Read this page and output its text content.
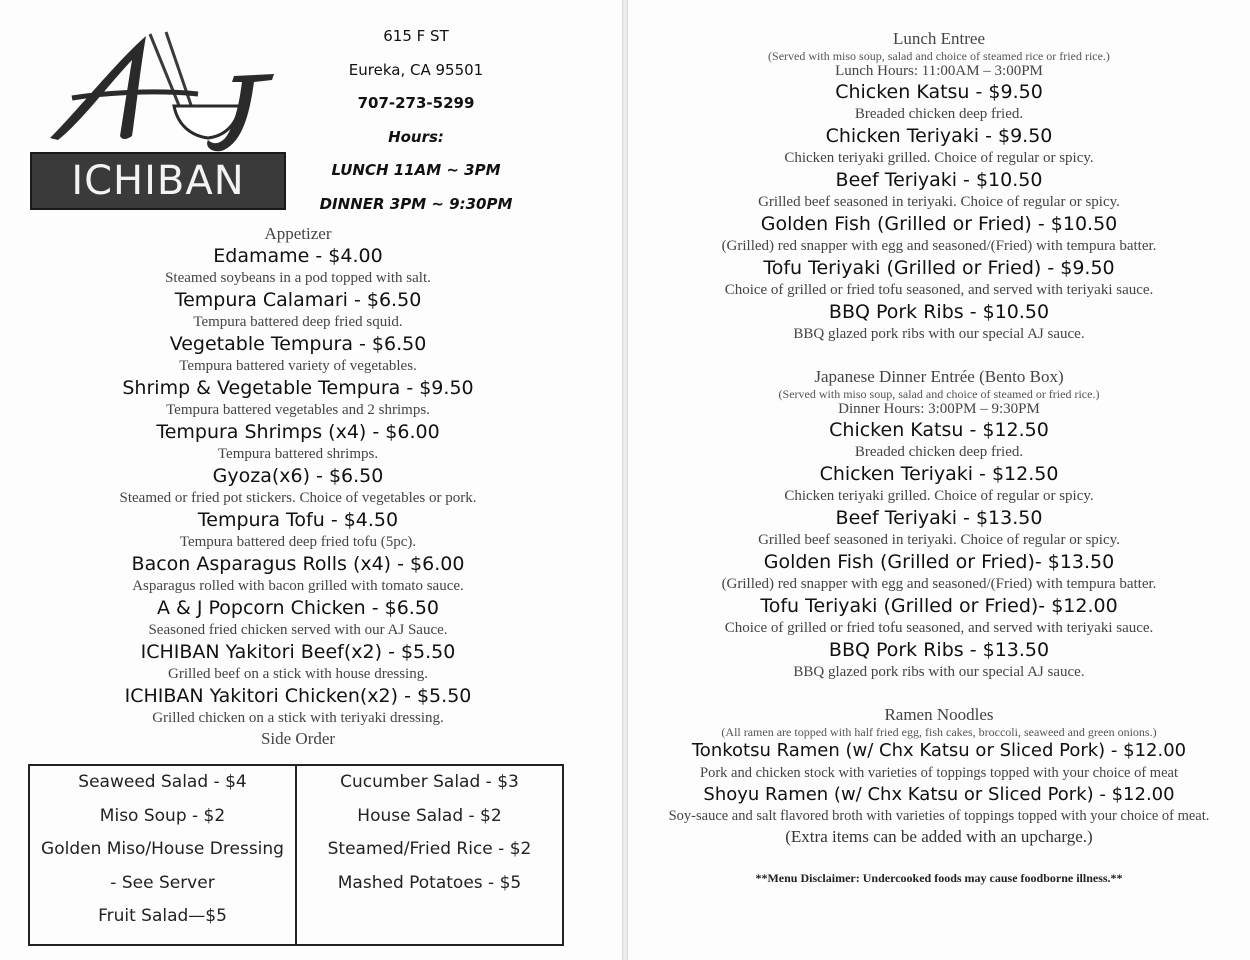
ICHIBAN
615 F ST
Eureka, CA 95501
707-273-5299
Hours:
LUNCH 11AM ~ 3PM
DINNER 3PM ~ 9:30PM
Appetizer
Edamame - $4.00
Steamed soybeans in a pod topped with salt.
Tempura Calamari - $6.50
Tempura battered deep fried squid.
Vegetable Tempura - $6.50
Tempura battered variety of vegetables.
Shrimp & Vegetable Tempura - $9.50
Tempura battered vegetables and 2 shrimps.
Tempura Shrimps (x4) - $6.00
Tempura battered shrimps.
Gyoza(x6) - $6.50
Steamed or fried pot stickers. Choice of vegetables or pork.
Tempura Tofu - $4.50
Tempura battered deep fried tofu (5pc).
Bacon Asparagus Rolls (x4) - $6.00
Asparagus rolled with bacon grilled with tomato sauce.
A & J Popcorn Chicken - $6.50
Seasoned fried chicken served with our AJ Sauce.
ICHIBAN Yakitori Beef(x2) - $5.50
Grilled beef on a stick with house dressing.
ICHIBAN Yakitori Chicken(x2) - $5.50
Grilled chicken on a stick with teriyaki dressing.
Side Order
Seaweed Salad - $4
Miso Soup - $2
Golden Miso/House Dressing
- See Server
Fruit Salad—$5
Cucumber Salad - $3
House Salad - $2
Steamed/Fried Rice - $2
Mashed Potatoes - $5
Lunch Entree
(Served with miso soup, salad and choice of steamed rice or fried rice.)
Lunch Hours: 11:00AM – 3:00PM
Chicken Katsu - $9.50
Breaded chicken deep fried.
Chicken Teriyaki - $9.50
Chicken teriyaki grilled. Choice of regular or spicy.
Beef Teriyaki - $10.50
Grilled beef seasoned in teriyaki. Choice of regular or spicy.
Golden Fish (Grilled or Fried) - $10.50
(Grilled) red snapper with egg and seasoned/(Fried) with tempura batter.
Tofu Teriyaki (Grilled or Fried) - $9.50
Choice of grilled or fried tofu seasoned, and served with teriyaki sauce.
BBQ Pork Ribs - $10.50
BBQ glazed pork ribs with our special AJ sauce.
Japanese Dinner Entrée (Bento Box)
(Served with miso soup, salad and choice of steamed or fried rice.)
Dinner Hours: 3:00PM – 9:30PM
Chicken Katsu - $12.50
Breaded chicken deep fried.
Chicken Teriyaki - $12.50
Chicken teriyaki grilled. Choice of regular or spicy.
Beef Teriyaki - $13.50
Grilled beef seasoned in teriyaki. Choice of regular or spicy.
Golden Fish (Grilled or Fried)- $13.50
(Grilled) red snapper with egg and seasoned/(Fried) with tempura batter.
Tofu Teriyaki (Grilled or Fried)- $12.00
Choice of grilled or fried tofu seasoned, and served with teriyaki sauce.
BBQ Pork Ribs - $13.50
BBQ glazed pork ribs with our special AJ sauce.
Ramen Noodles
(All ramen are topped with half fried egg, fish cakes, broccoli, seaweed and green onions.)
Tonkotsu Ramen (w/ Chx Katsu or Sliced Pork) - $12.00
Pork and chicken stock with varieties of toppings topped with your choice of meat
Shoyu Ramen (w/ Chx Katsu or Sliced Pork) - $12.00
Soy-sauce and salt flavored broth with varieties of toppings topped with your choice of meat.
(Extra items can be added with an upcharge.)
**Menu Disclaimer: Undercooked foods may cause foodborne illness.**
